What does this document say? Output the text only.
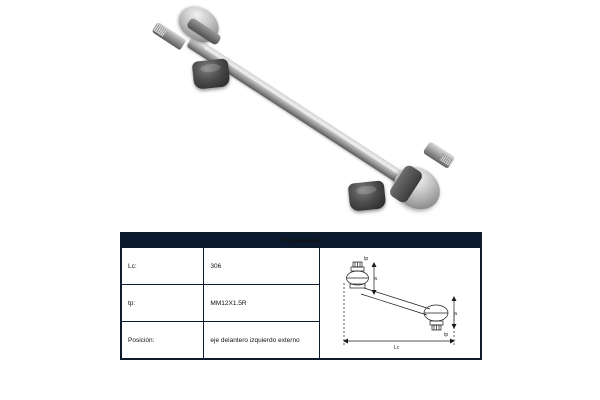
Propiedades		
Lc:	306	tp
tp
Lc
⌀
⌀

tp:	MM12X1.5R	
Posición:	eje delantero izquierdo externo	
